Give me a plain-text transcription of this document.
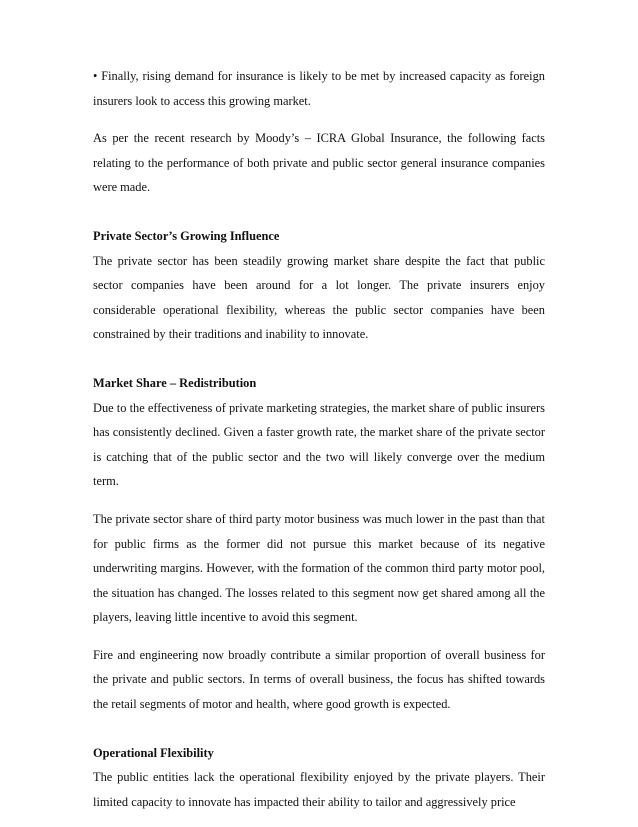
• Finally, rising demand for insurance is likely to be met by increased capacity as foreign insurers look to access this growing market.

As per the recent research by Moody’s – ICRA Global Insurance, the following facts relating to the performance of both private and public sector general insurance companies were made.

Private Sector’s Growing Influence

The private sector has been steadily growing market share despite the fact that public sector companies have been around for a lot longer. The private insurers enjoy considerable operational flexibility, whereas the public sector companies have been constrained by their traditions and inability to innovate.

Market Share – Redistribution

Due to the effectiveness of private marketing strategies, the market share of public insurers has consistently declined. Given a faster growth rate, the market share of the private sector is catching that of the public sector and the two will likely converge over the medium term.

The private sector share of third party motor business was much lower in the past than that for public firms as the former did not pursue this market because of its negative underwriting margins. However, with the formation of the common third party motor pool, the situation has changed. The losses related to this segment now get shared among all the players, leaving little incentive to avoid this segment.

Fire and engineering now broadly contribute a similar proportion of overall business for the private and public sectors. In terms of overall business, the focus has shifted towards the retail segments of motor and health, where good growth is expected.

Operational Flexibility

The public entities lack the operational flexibility enjoyed by the private players. Their limited capacity to innovate has impacted their ability to tailor and aggressively price
